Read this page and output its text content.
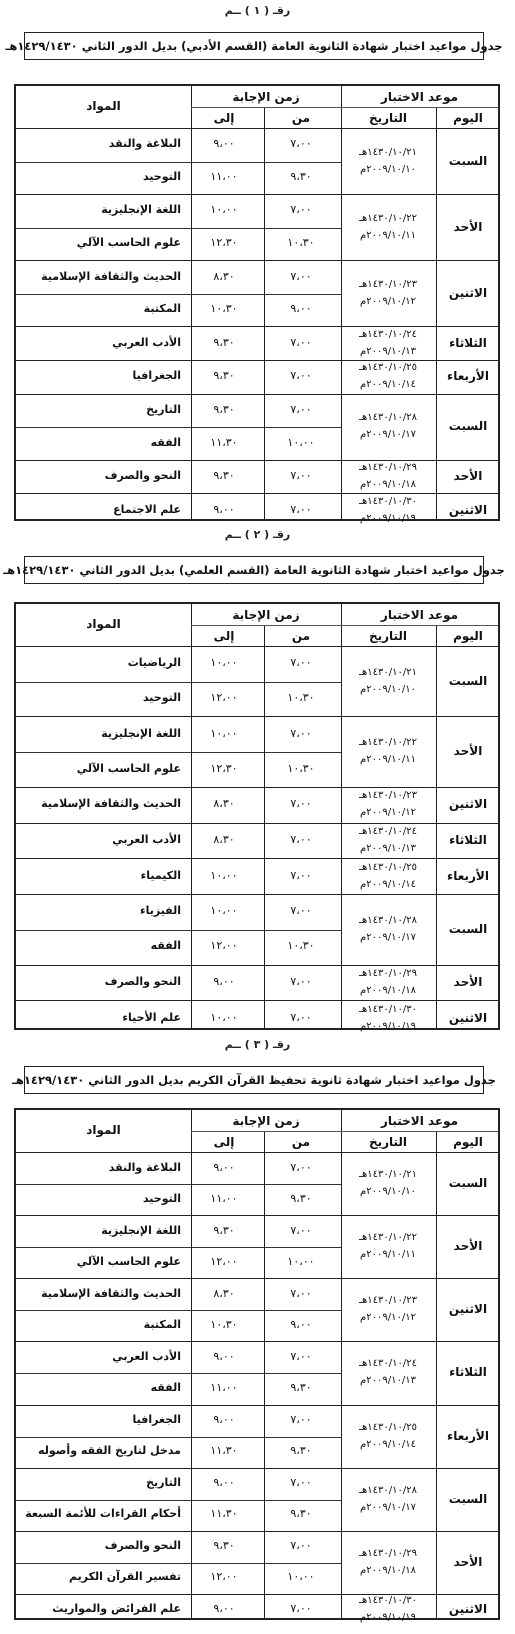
رقـ ( ١ ) ــم
جدول مواعيد اختبار شهادة الثانوية العامة (القسم الأدبي) بديل الدور الثاني ١٤٢٩/١٤٣٠هـ
موعد الاختبار
زمن الإجابة
المواد
اليوم
التاريخ
من
إلى
السبت
١٤٣٠/١٠/٢١هـ
٢٠٠٩/١٠/١٠م
البلاغة والنقد	٩،٠٠	٧،٠٠
التوحيد	١١،٠٠	٩،٣٠
الأحد
١٤٣٠/١٠/٢٢هـ
٢٠٠٩/١٠/١١م
اللغة الإنجليزية	١٠،٠٠	٧،٠٠
علوم الحاسب الآلي	١٢،٣٠	١٠،٣٠
الاثنين
١٤٣٠/١٠/٢٣هـ
٢٠٠٩/١٠/١٢م
الحديث والثقافة الإسلامية	٨،٣٠	٧،٠٠
المكتبة	١٠،٣٠	٩،٠٠
الثلاثاء
١٤٣٠/١٠/٢٤هـ
٢٠٠٩/١٠/١٣م
الأدب العربي	٩،٣٠	٧،٠٠
الأربعاء
١٤٣٠/١٠/٢٥هـ
٢٠٠٩/١٠/١٤م
الجغرافيا	٩،٣٠	٧،٠٠
السبت
١٤٣٠/١٠/٢٨هـ
٢٠٠٩/١٠/١٧م
التاريخ	٩،٣٠	٧،٠٠
الفقه	١١،٣٠	١٠،٠٠
الأحد
١٤٣٠/١٠/٢٩هـ
٢٠٠٩/١٠/١٨م
النحو والصرف	٩،٣٠	٧،٠٠
الاثنين
١٤٣٠/١٠/٣٠هـ
٢٠٠٩/١٠/١٩م
علم الاجتماع	٩،٠٠	٧،٠٠
رقـ ( ٢ ) ــم
جدول مواعيد اختبار شهادة الثانوية العامة (القسم العلمي) بديل الدور الثاني ١٤٢٩/١٤٣٠هـ
موعد الاختبار
زمن الإجابة
المواد
اليوم
التاريخ
من
إلى
السبت
١٤٣٠/١٠/٢١هـ
٢٠٠٩/١٠/١٠م
الرياضيات	١٠،٠٠	٧،٠٠
التوحيد	١٢،٠٠	١٠،٣٠
الأحد
١٤٣٠/١٠/٢٢هـ
٢٠٠٩/١٠/١١م
اللغة الإنجليزية	١٠،٠٠	٧،٠٠
علوم الحاسب الآلي	١٢،٣٠	١٠،٣٠
الاثنين
١٤٣٠/١٠/٢٣هـ
٢٠٠٩/١٠/١٢م
الحديث والثقافة الإسلامية	٨،٣٠	٧،٠٠
الثلاثاء
١٤٣٠/١٠/٢٤هـ
٢٠٠٩/١٠/١٣م
الأدب العربي	٨،٣٠	٧،٠٠
الأربعاء
١٤٣٠/١٠/٢٥هـ
٢٠٠٩/١٠/١٤م
الكيمياء	١٠،٠٠	٧،٠٠
السبت
١٤٣٠/١٠/٢٨هـ
٢٠٠٩/١٠/١٧م
الفيزياء	١٠،٠٠	٧،٠٠
الفقه	١٢،٠٠	١٠،٣٠
الأحد
١٤٣٠/١٠/٢٩هـ
٢٠٠٩/١٠/١٨م
النحو والصرف	٩،٠٠	٧،٠٠
الاثنين
١٤٣٠/١٠/٣٠هـ
٢٠٠٩/١٠/١٩م
علم الأحياء	١٠،٠٠	٧،٠٠
رقـ ( ٣ ) ــم
جدول مواعيد اختبار شهادة ثانوية تحفيظ القرآن الكريم بديل الدور الثاني ١٤٢٩/١٤٣٠هـ
موعد الاختبار
زمن الإجابة
المواد
اليوم
التاريخ
من
إلى
السبت
١٤٣٠/١٠/٢١هـ
٢٠٠٩/١٠/١٠م
البلاغة والنقد	٩،٠٠	٧،٠٠
التوحيد	١١،٠٠	٩،٣٠
الأحد
١٤٣٠/١٠/٢٢هـ
٢٠٠٩/١٠/١١م
اللغة الإنجليزية	٩،٣٠	٧،٠٠
علوم الحاسب الآلي	١٢،٠٠	١٠،٠٠
الاثنين
١٤٣٠/١٠/٢٣هـ
٢٠٠٩/١٠/١٢م
الحديث والثقافة الإسلامية	٨،٣٠	٧،٠٠
المكتبة	١٠،٣٠	٩،٠٠
الثلاثاء
١٤٣٠/١٠/٢٤هـ
٢٠٠٩/١٠/١٣م
الأدب العربي	٩،٠٠	٧،٠٠
الفقه	١١،٠٠	٩،٣٠
الأربعاء
١٤٣٠/١٠/٢٥هـ
٢٠٠٩/١٠/١٤م
الجغرافيا	٩،٠٠	٧،٠٠
مدخل لتاريخ الفقه وأصوله	١١،٣٠	٩،٣٠
السبت
١٤٣٠/١٠/٢٨هـ
٢٠٠٩/١٠/١٧م
التاريخ	٩،٠٠	٧،٠٠
أحكام القراءات للأئمة السبعة	١١،٣٠	٩،٣٠
الأحد
١٤٣٠/١٠/٢٩هـ
٢٠٠٩/١٠/١٨م
النحو والصرف	٩،٣٠	٧،٠٠
تفسير القرآن الكريم	١٢،٠٠	١٠،٠٠
الاثنين
١٤٣٠/١٠/٣٠هـ
٢٠٠٩/١٠/١٩م
علم الفرائض والمواريث	٩،٠٠	٧،٠٠
